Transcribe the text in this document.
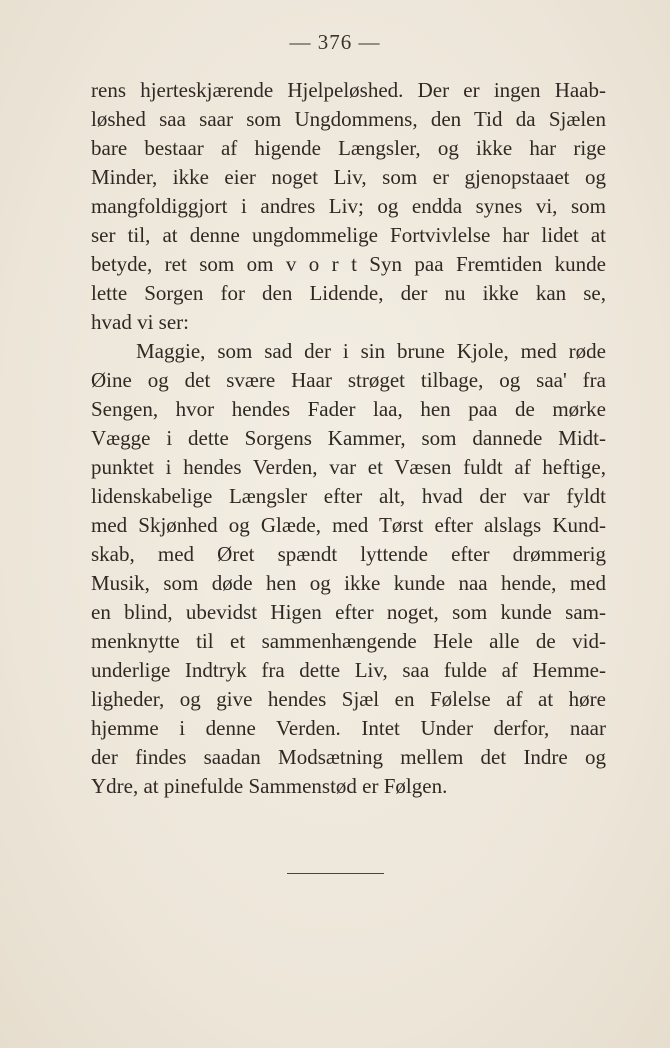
— 376 —
rens hjerteskjærende Hjelpeløshed. Der er ingen Haab-
løshed saa saar som Ungdommens, den Tid da Sjælen
bare bestaar af higende Længsler, og ikke har rige
Minder, ikke eier noget Liv, som er gjenopstaaet og
mangfoldiggjort i andres Liv; og endda synes vi, som
ser til, at denne ungdommelige Fortvivlelse har lidet at
betyde, ret som om v o r t Syn paa Fremtiden kunde
lette Sorgen for den Lidende, der nu ikke kan se,
hvad vi ser:
Maggie, som sad der i sin brune Kjole, med røde
Øine og det svære Haar strøget tilbage, og saa' fra
Sengen, hvor hendes Fader laa, hen paa de mørke
Vægge i dette Sorgens Kammer, som dannede Midt-
punktet i hendes Verden, var et Væsen fuldt af heftige,
lidenskabelige Længsler efter alt, hvad der var fyldt
med Skjønhed og Glæde, med Tørst efter alslags Kund-
skab, med Øret spændt lyttende efter drømmerig
Musik, som døde hen og ikke kunde naa hende, med
en blind, ubevidst Higen efter noget, som kunde sam-
menknytte til et sammenhængende Hele alle de vid-
underlige Indtryk fra dette Liv, saa fulde af Hemme-
ligheder, og give hendes Sjæl en Følelse af at høre
hjemme i denne Verden. Intet Under derfor, naar
der findes saadan Modsætning mellem det Indre og
Ydre, at pinefulde Sammenstød er Følgen.
